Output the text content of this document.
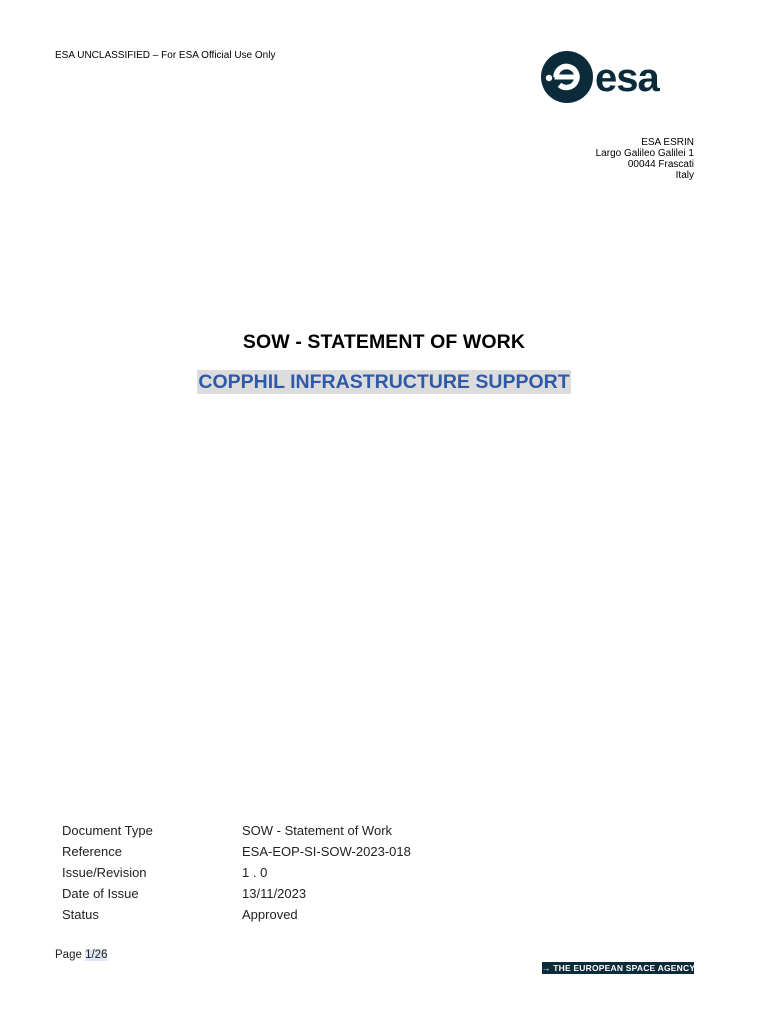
ESA UNCLASSIFIED – For ESA Official Use Only
esa
ESA ESRIN
Largo Galileo Galilei 1
00044 Frascati
Italy
SOW - STATEMENT OF WORK
COPPHIL INFRASTRUCTURE SUPPORT
Document Type	SOW - Statement of Work
Reference	ESA-EOP-SI-SOW-2023-018
Issue/Revision	1 . 0
Date of Issue	13/11/2023
Status	Approved
Page 1/26
→ THE EUROPEAN SPACE AGENCY
